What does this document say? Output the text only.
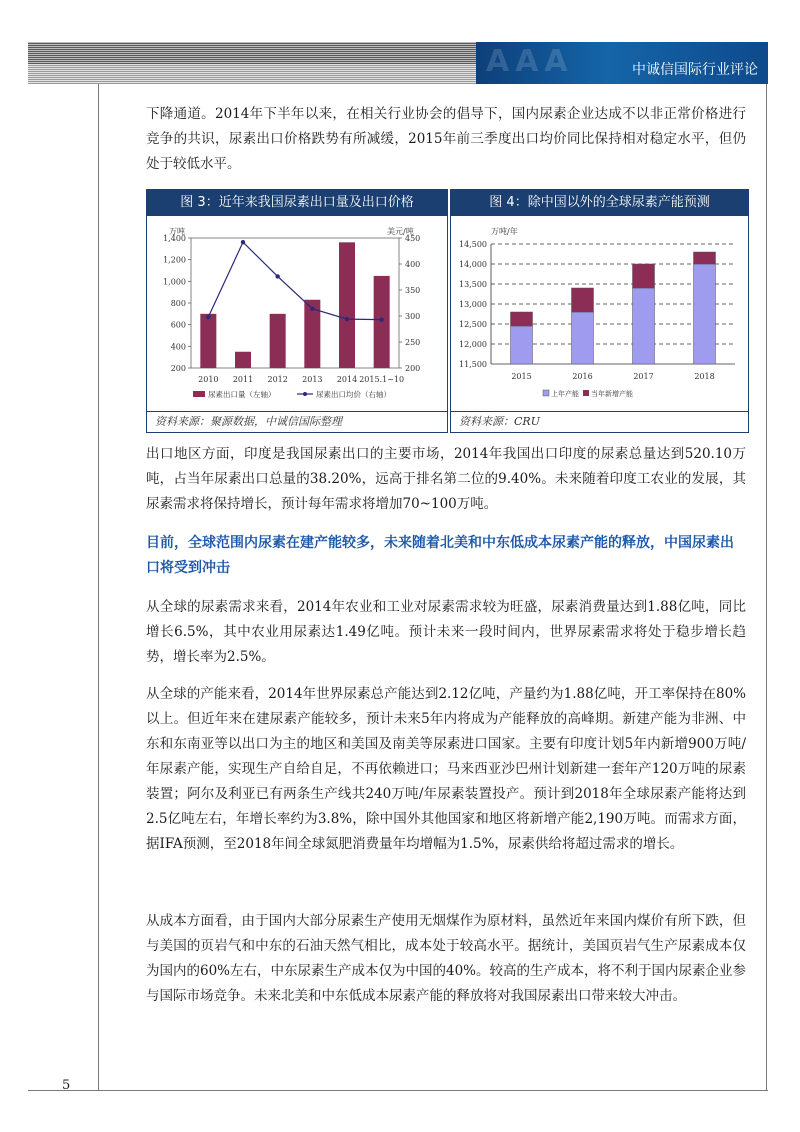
AAA	中诚信国际行业评论
5

下降通道。2014年下半年以来，在相关行业协会的倡导下，国内尿素企业达成不以非正常价格进行竞争的共识，尿素出口价格跌势有所减缓，2015年前三季度出口均价同比保持相对稳定水平，但仍处于较低水平。

图 3：近年来我国尿素出口量及出口价格
万吨	美元/吨
200
400
600
800
1,000
1,200
1,400
200
250
300
350
400
450
2010 2011 2012 2013 2014 2015.1~10
尿素出口量（左轴）	尿素出口均价（右轴）
资料来源：聚源数据，中诚信国际整理
图 4：除中国以外的全球尿素产能预测
万吨/年
11,500
12,000
12,500
13,000
13,500
14,000
14,500
2015	2016	2017	2018
上年产能 当年新增产能
资料来源：CRU

出口地区方面，印度是我国尿素出口的主要市场，2014年我国出口印度的尿素总量达到520.10万吨，占当年尿素出口总量的38.20%，远高于排名第二位的9.40%。未来随着印度工农业的发展，其尿素需求将保持增长，预计每年需求将增加70~100万吨。

目前，全球范围内尿素在建产能较多，未来随着北美和中东低成本尿素产能的释放，中国尿素出口将受到冲击

从全球的尿素需求来看，2014年农业和工业对尿素需求较为旺盛，尿素消费量达到1.88亿吨，同比增长6.5%，其中农业用尿素达1.49亿吨。预计未来一段时间内，世界尿素需求将处于稳步增长趋势，增长率为2.5%。

从全球的产能来看，2014年世界尿素总产能达到2.12亿吨，产量约为1.88亿吨，开工率保持在80%以上。但近年来在建尿素产能较多，预计未来5年内将成为产能释放的高峰期。新建产能为非洲、中东和东南亚等以出口为主的地区和美国及南美等尿素进口国家。主要有印度计划5年内新增900万吨/年尿素产能，实现生产自给自足，不再依赖进口；马来西亚沙巴州计划新建一套年产120万吨的尿素装置；阿尔及利亚已有两条生产线共240万吨/年尿素装置投产。预计到2018年全球尿素产能将达到2.5亿吨左右，年增长率约为3.8%，除中国外其他国家和地区将新增产能2,190万吨。而需求方面，据IFA预测，至2018年间全球氮肥消费量年均增幅为1.5%，尿素供给将超过需求的增长。

从成本方面看，由于国内大部分尿素生产使用无烟煤作为原材料，虽然近年来国内煤价有所下跌，但与美国的页岩气和中东的石油天然气相比，成本处于较高水平。据统计，美国页岩气生产尿素成本仅为国内的60%左右，中东尿素生产成本仅为中国的40%。较高的生产成本，将不利于国内尿素企业参与国际市场竞争。未来北美和中东低成本尿素产能的释放将对我国尿素出口带来较大冲击。
